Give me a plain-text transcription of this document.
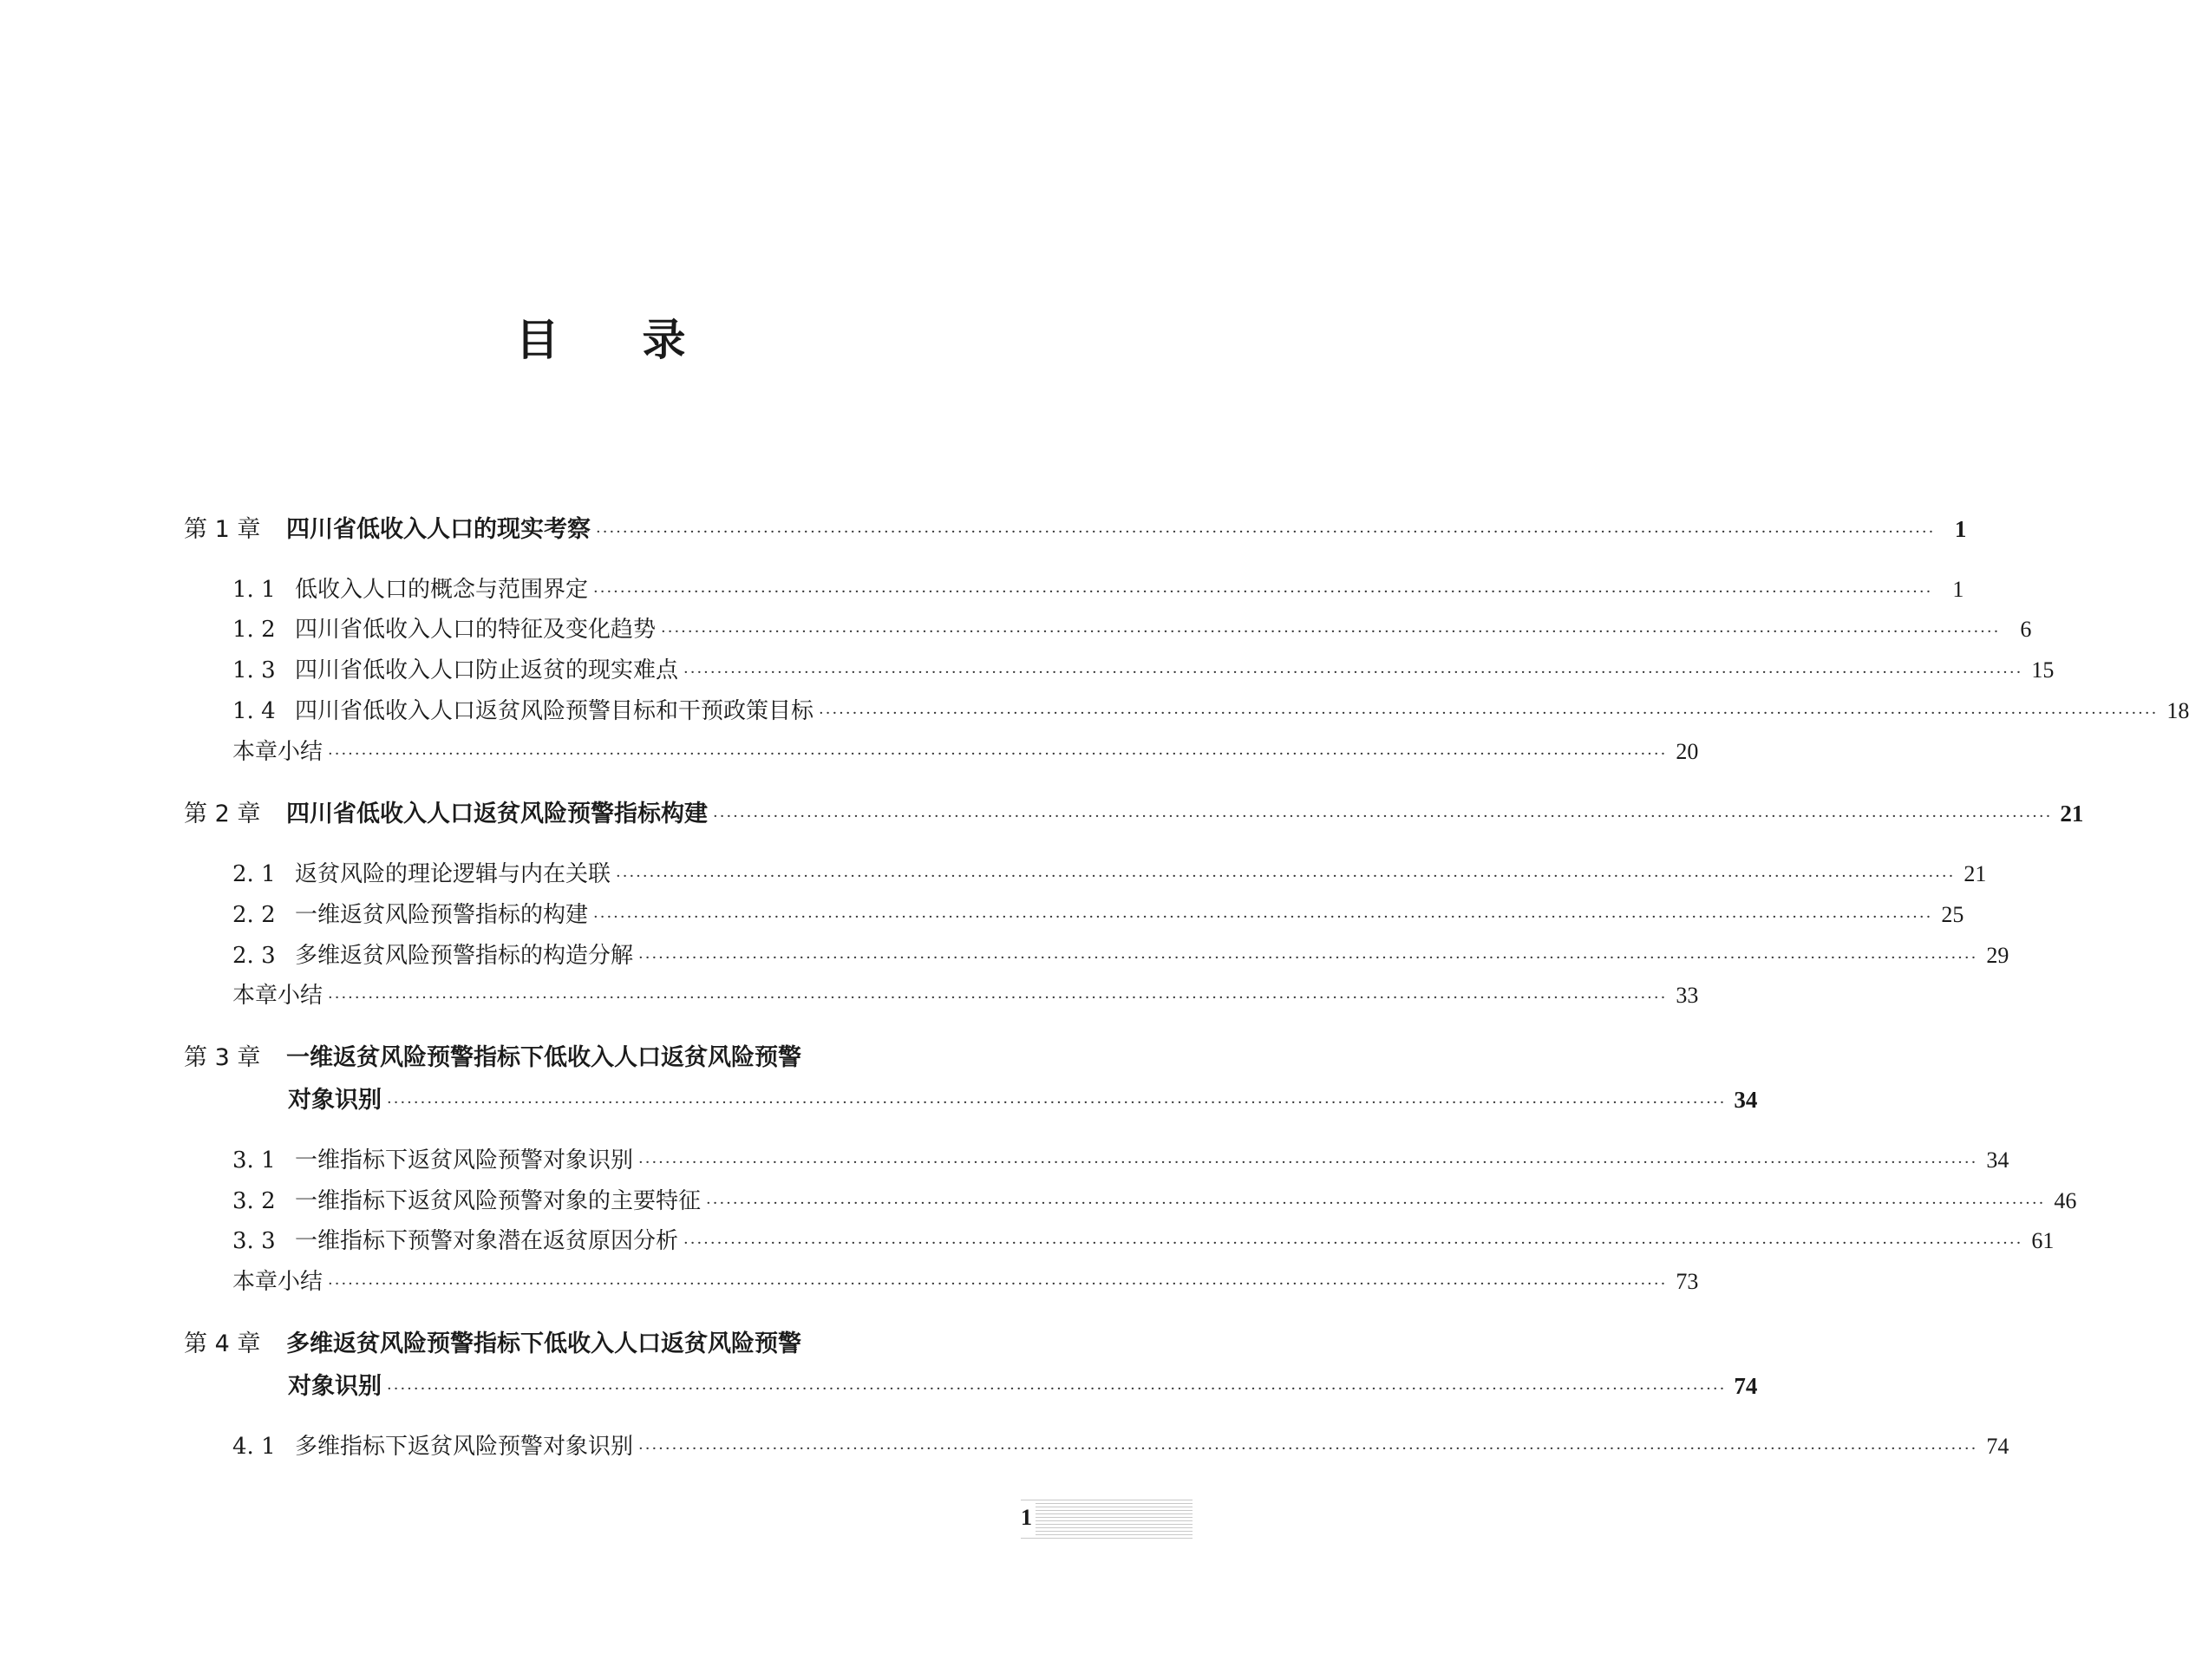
目 录
第 1 章	四川省低收入人口的现实考察 ········································································································································································································ 1
1. 1 低收入人口的概念与范围界定 ········································································································································································································ 1
1. 2 四川省低收入人口的特征及变化趋势 ········································································································································································································ 6
1. 3 四川省低收入人口防止返贫的现实难点 ········································································································································································································ 15
1. 4 四川省低收入人口返贫风险预警目标和干预政策目标 ········································································································································································································ 18
本章小结 ········································································································································································································ 20
第 2 章	四川省低收入人口返贫风险预警指标构建 ········································································································································································································ 21
2. 1 返贫风险的理论逻辑与内在关联 ········································································································································································································ 21
2. 2 一维返贫风险预警指标的构建 ········································································································································································································ 25
2. 3 多维返贫风险预警指标的构造分解 ········································································································································································································ 29
本章小结 ········································································································································································································ 33
第 3 章	一维返贫风险预警指标下低收入人口返贫风险预警
对象识别 ········································································································································································································ 34
3. 1 一维指标下返贫风险预警对象识别 ········································································································································································································ 34
3. 2 一维指标下返贫风险预警对象的主要特征 ········································································································································································································ 46
3. 3 一维指标下预警对象潜在返贫原因分析 ········································································································································································································ 61
本章小结 ········································································································································································································ 73
第 4 章	多维返贫风险预警指标下低收入人口返贫风险预警
对象识别 ········································································································································································································ 74
4. 1 多维指标下返贫风险预警对象识别 ········································································································································································································ 74
1
